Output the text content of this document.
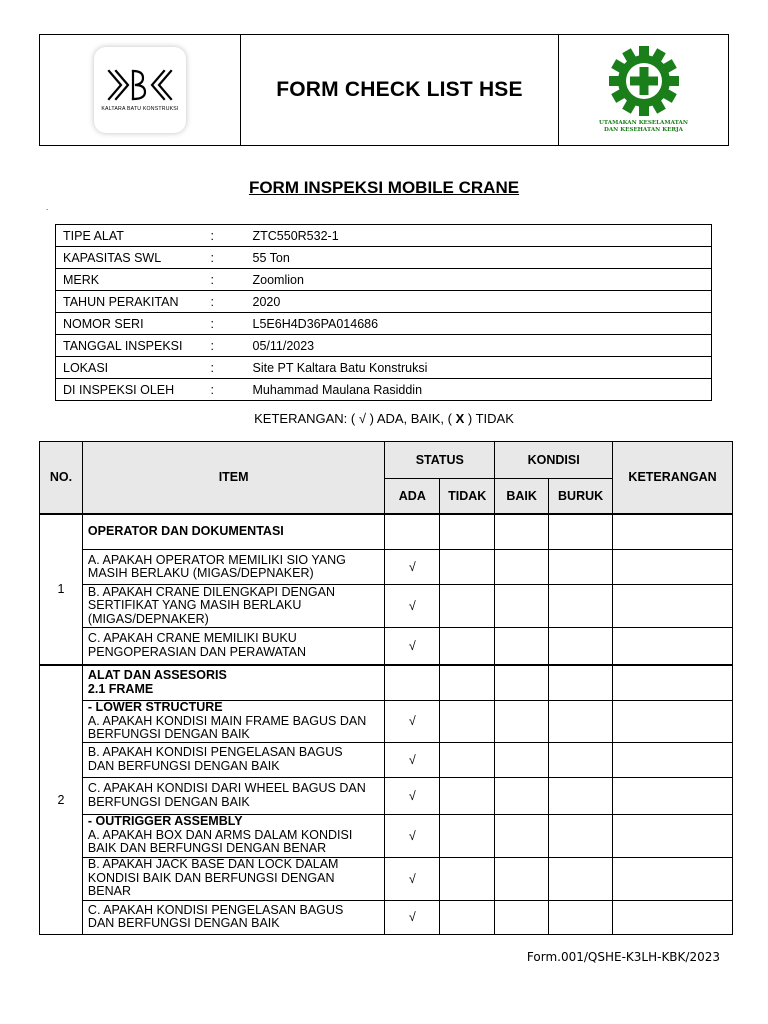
KALTARA BATU KONSTRUKSI
FORM CHECK LIST HSE
UTAMAKAN KESELAMATAN
DAN KESEHATAN KERJA
FORM INSPEKSI MOBILE CRANE
.
TIPE ALAT	:	ZTC550R532-1
KAPASITAS SWL	:	55 Ton
MERK	:	Zoomlion
TAHUN PERAKITAN	:	2020
NOMOR SERI	:	L5E6H4D36PA014686
TANGGAL INSPEKSI	:	05/11/2023
LOKASI	:	Site PT Kaltara Batu Konstruksi
DI INSPEKSI OLEH	:	Muhammad Maulana Rasiddin
KETERANGAN: ( √ ) ADA, BAIK, ( X ) TIDAK
NO.	ITEM	STATUS		KONDISI		KETERANGAN
		ADA	TIDAK	BAIK	BURUK	
1	OPERATOR DAN DOKUMENTASI					

	A. APAKAH OPERATOR MEMILIKI SIO YANG
MASIH BERLAKU (MIGAS/DEPNAKER)	√				

	B. APAKAH CRANE DILENGKAPI DENGAN
SERTIFIKAT YANG MASIH BERLAKU
(MIGAS/DEPNAKER)	√				

	C. APAKAH CRANE MEMILIKI BUKU
PENGOPERASIAN DAN PERAWATAN	√				
2	ALAT DAN ASSESORIS
2.1 FRAME					

	- LOWER STRUCTURE
A. APAKAH KONDISI MAIN FRAME BAGUS DAN
BERFUNGSI DENGAN BAIK	√				

	B. APAKAH KONDISI PENGELASAN BAGUS
DAN BERFUNGSI DENGAN BAIK	√				

	C. APAKAH KONDISI DARI WHEEL BAGUS DAN
BERFUNGSI DENGAN BAIK	√				

	- OUTRIGGER ASSEMBLY
A. APAKAH BOX DAN ARMS DALAM KONDISI
BAIK DAN BERFUNGSI DENGAN BENAR	√				

	B. APAKAH JACK BASE DAN LOCK DALAM
KONDISI BAIK DAN BERFUNGSI DENGAN
BENAR	√				

	C. APAKAH KONDISI PENGELASAN BAGUS
DAN BERFUNGSI DENGAN BAIK	√				
Form.001/QSHE-K3LH-KBK/2023
